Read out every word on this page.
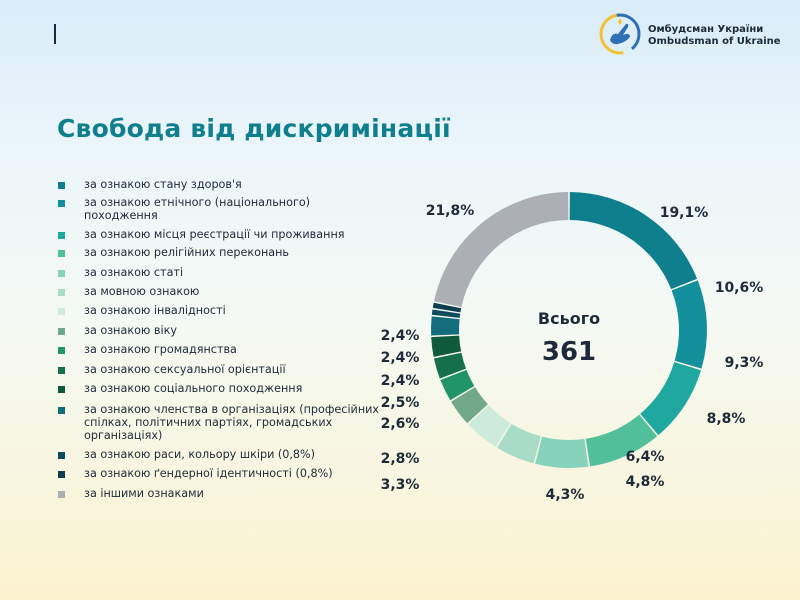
Омбудсман України
Ombudsman of Ukraine
Свобода від дискримінації
за ознакою стану здоров'я
за ознакою етнічного (національного) походження
за ознакою місця реєстрації чи проживання
за ознакою релігійних переконань
за ознакою статі
за мовною ознакою
за ознакою інвалідності
за ознакою віку
за ознакою громадянства
за ознакою сексуальної орієнтації
за ознакою соціального походження
за ознакою членства в організаціях (професійних спілках, політичних партіях, громадських організаціях)
за ознакою раси, кольору шкіри (0,8%)
за ознакою ґендерної ідентичності (0,8%)
за іншими ознаками
19,1%
10,6%
9,3%
8,8%
6,4%
4,8%
4,3%
3,3%
2,8%
2,6%
2,5%
2,4%
21,8%
2,4%
2,4%
Всього
361
